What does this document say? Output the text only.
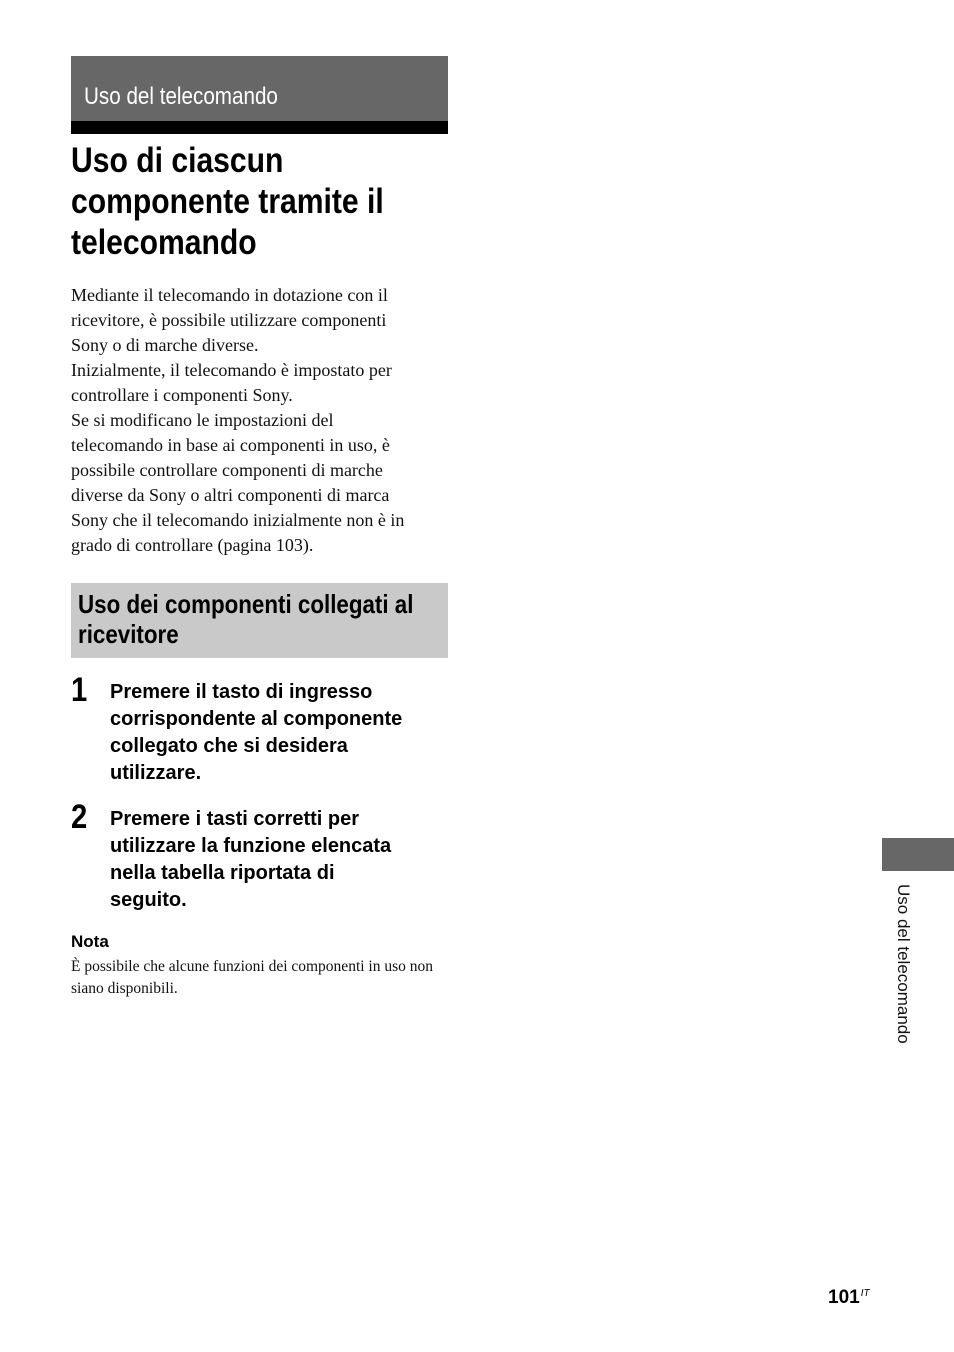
Uso del telecomando
Uso di ciascun
componente tramite il
telecomando
Mediante il telecomando in dotazione con il
ricevitore, è possibile utilizzare componenti
Sony o di marche diverse.
Inizialmente, il telecomando è impostato per
controllare i componenti Sony.
Se si modificano le impostazioni del
telecomando in base ai componenti in uso, è
possibile controllare componenti di marche
diverse da Sony o altri componenti di marca
Sony che il telecomando inizialmente non è in
grado di controllare (pagina 103).
Uso dei componenti collegati al ricevitore
1 Premere il tasto di ingresso
corrispondente al componente
collegato che si desidera
utilizzare.
2 Premere i tasti corretti per
utilizzare la funzione elencata
nella tabella riportata di
seguito.
Nota
È possibile che alcune funzioni dei componenti in uso non siano disponibili.	Uso del telecomando
$101^{IT}$
